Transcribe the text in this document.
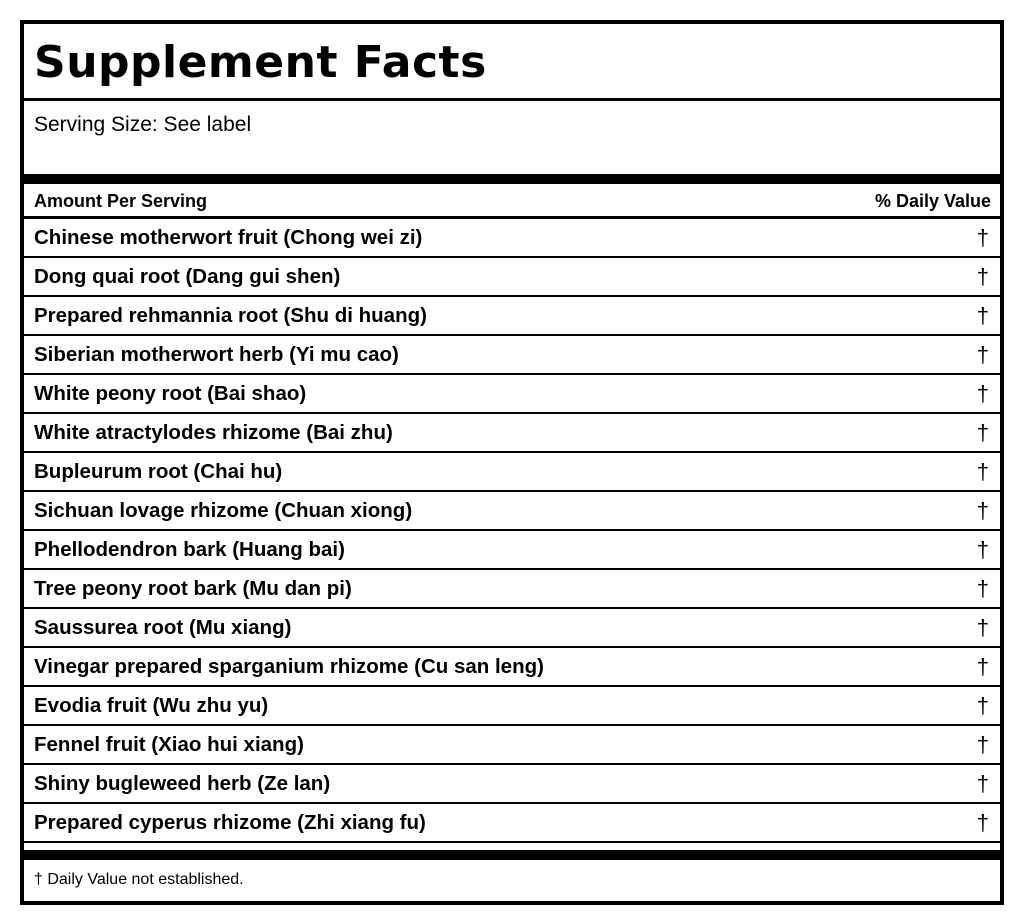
Supplement Facts
Serving Size: See label
Amount Per Serving	% Daily Value
Chinese motherwort fruit (Chong wei zi)	†
Dong quai root (Dang gui shen)	†
Prepared rehmannia root (Shu di huang)	†
Siberian motherwort herb (Yi mu cao)	†
White peony root (Bai shao)	†
White atractylodes rhizome (Bai zhu)	†
Bupleurum root (Chai hu)	†
Sichuan lovage rhizome (Chuan xiong)	†
Phellodendron bark (Huang bai)	†
Tree peony root bark (Mu dan pi)	†
Saussurea root (Mu xiang)	†
Vinegar prepared sparganium rhizome (Cu san leng)	†
Evodia fruit (Wu zhu yu)	†
Fennel fruit (Xiao hui xiang)	†
Shiny bugleweed herb (Ze lan)	†
Prepared cyperus rhizome (Zhi xiang fu)	†
† Daily Value not established.
